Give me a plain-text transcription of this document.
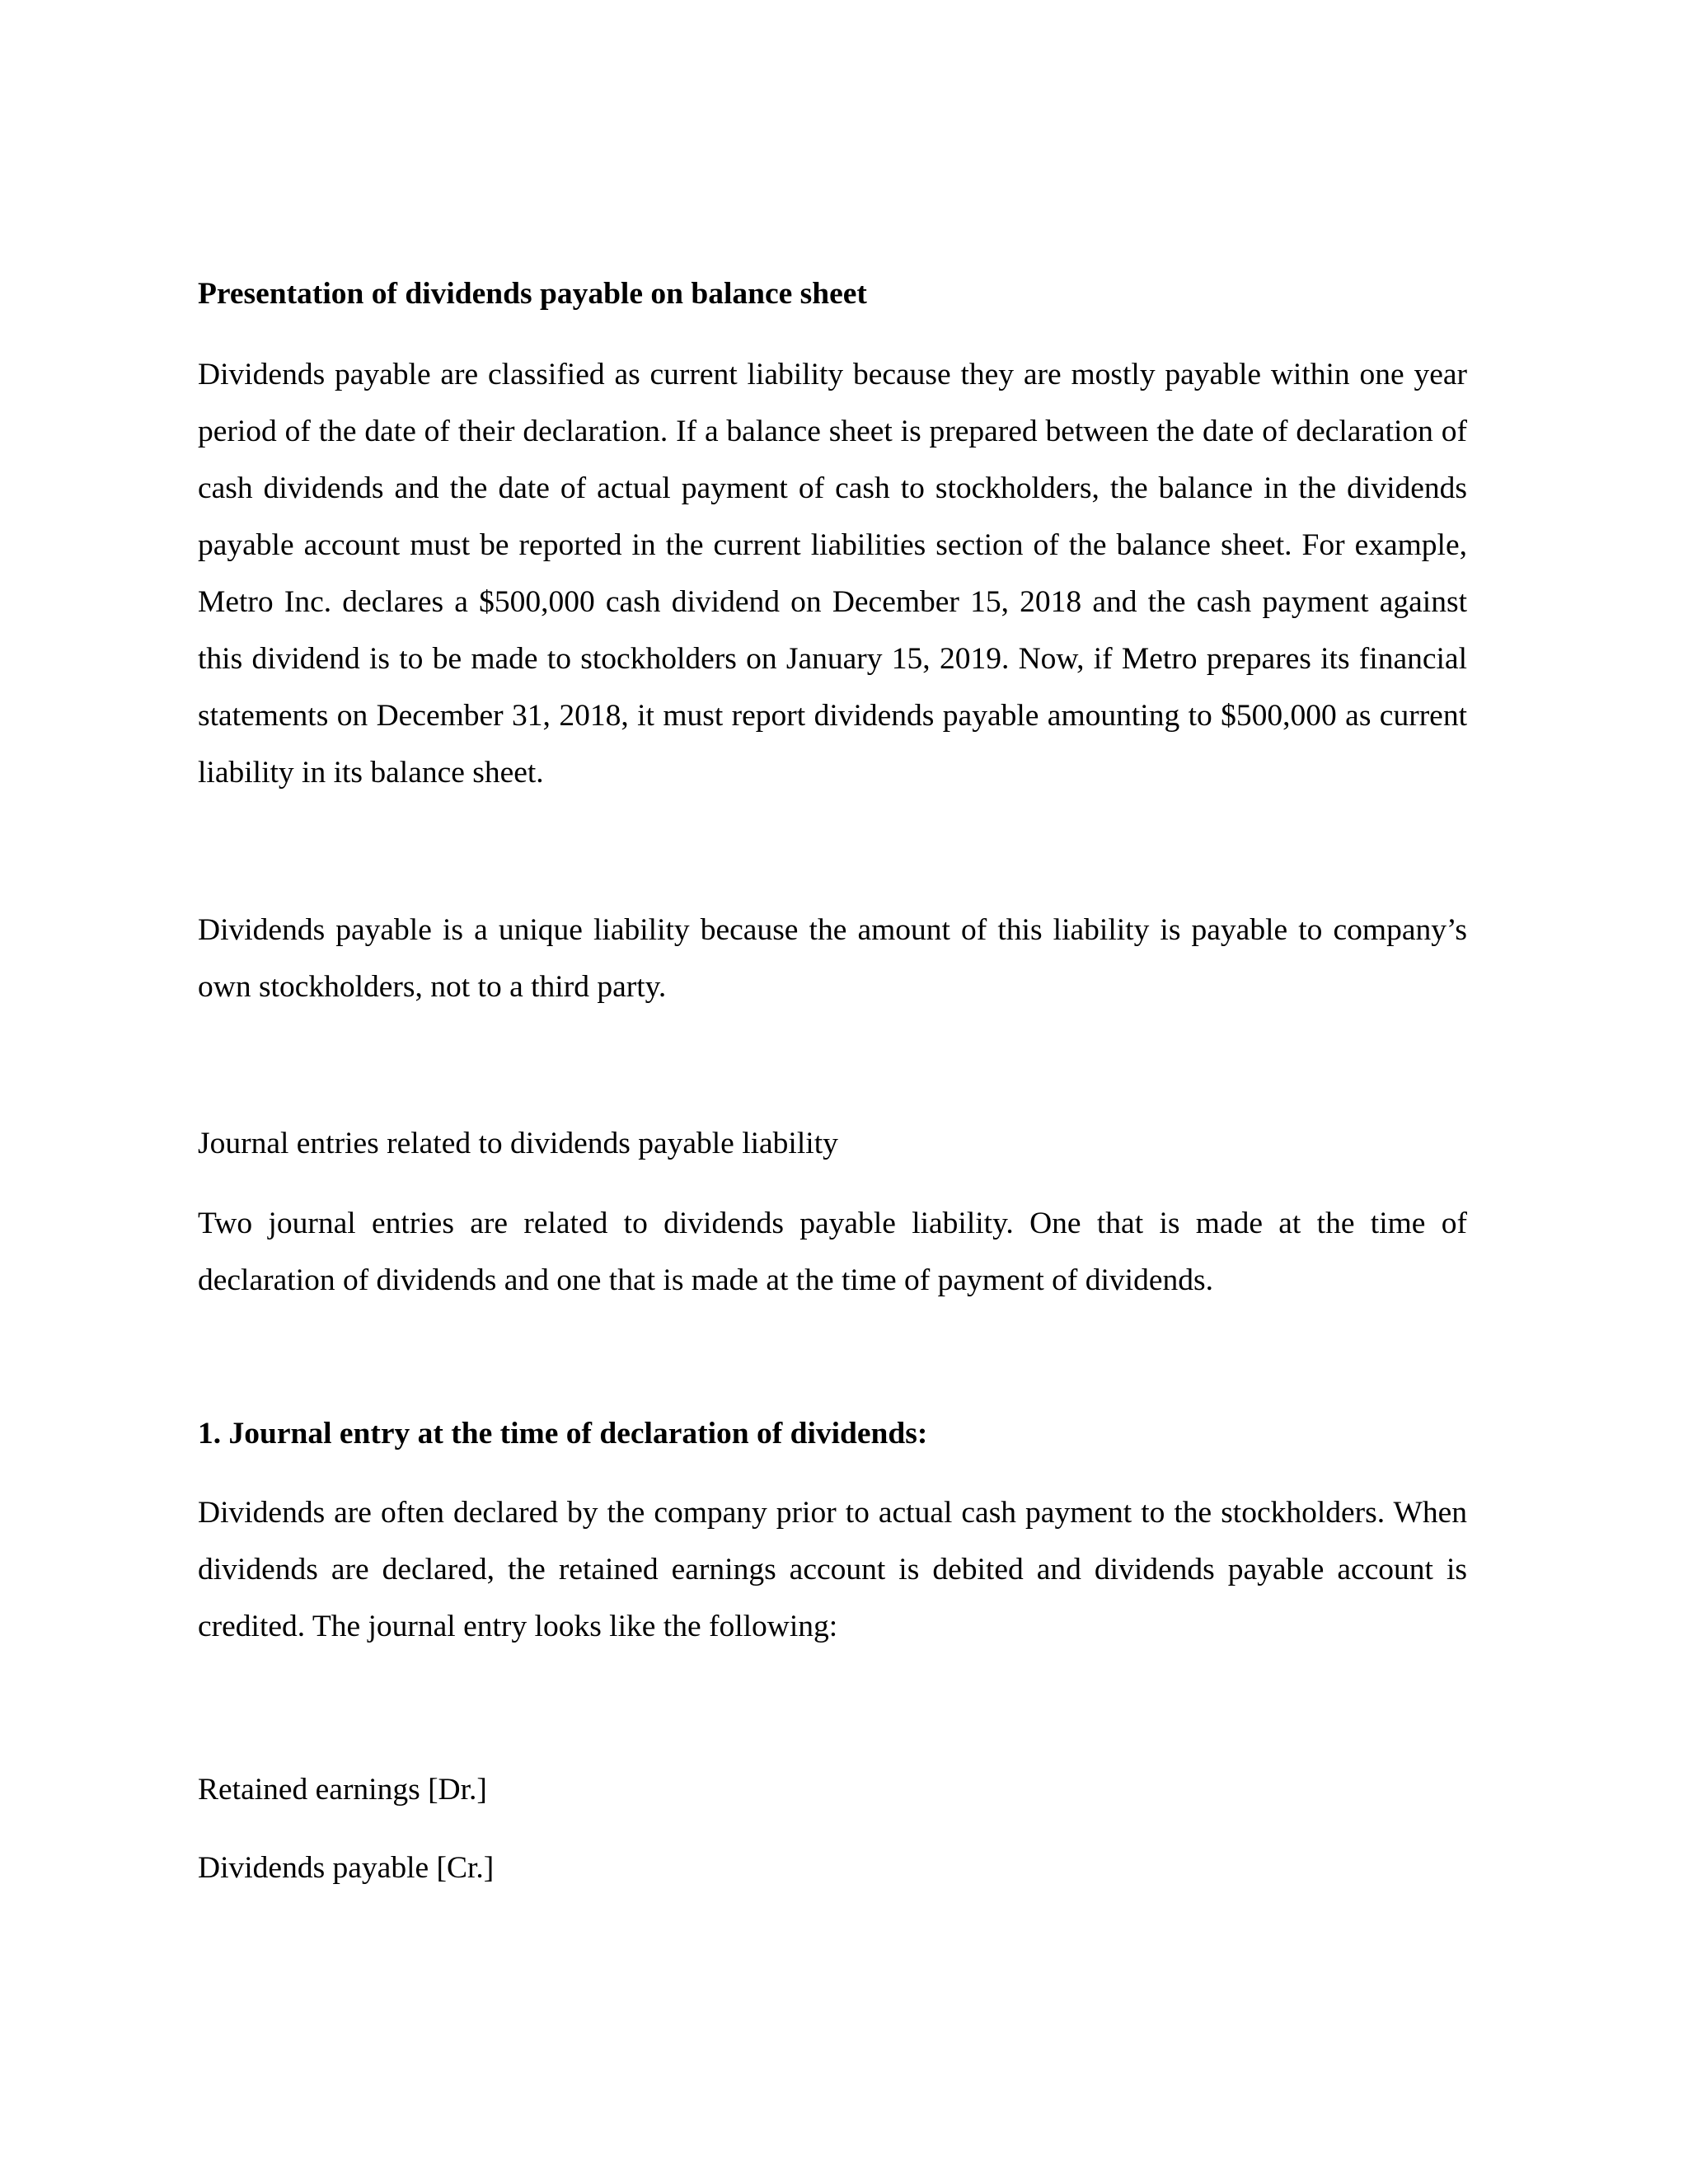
Presentation of dividends payable on balance sheet

Dividends payable are classified as current liability because they are mostly payable within one year period of the date of their declaration. If a balance sheet is prepared between the date of declaration of cash dividends and the date of actual payment of cash to stockholders, the balance in the dividends payable account must be reported in the current liabilities section of the balance sheet. For example, Metro Inc. declares a $500,000 cash dividend on December 15, 2018 and the cash payment against this dividend is to be made to stockholders on January 15, 2019. Now, if Metro prepares its financial statements on December 31, 2018, it must report dividends payable amounting to $500,000 as current liability in its balance sheet.

Dividends payable is a unique liability because the amount of this liability is payable to company’s own stockholders, not to a third party.

Journal entries related to dividends payable liability

Two journal entries are related to dividends payable liability. One that is made at the time of declaration of dividends and one that is made at the time of payment of dividends.

1. Journal entry at the time of declaration of dividends:

Dividends are often declared by the company prior to actual cash payment to the stockholders. When dividends are declared, the retained earnings account is debited and dividends payable account is credited. The journal entry looks like the following:

Retained earnings [Dr.]

Dividends payable [Cr.]
